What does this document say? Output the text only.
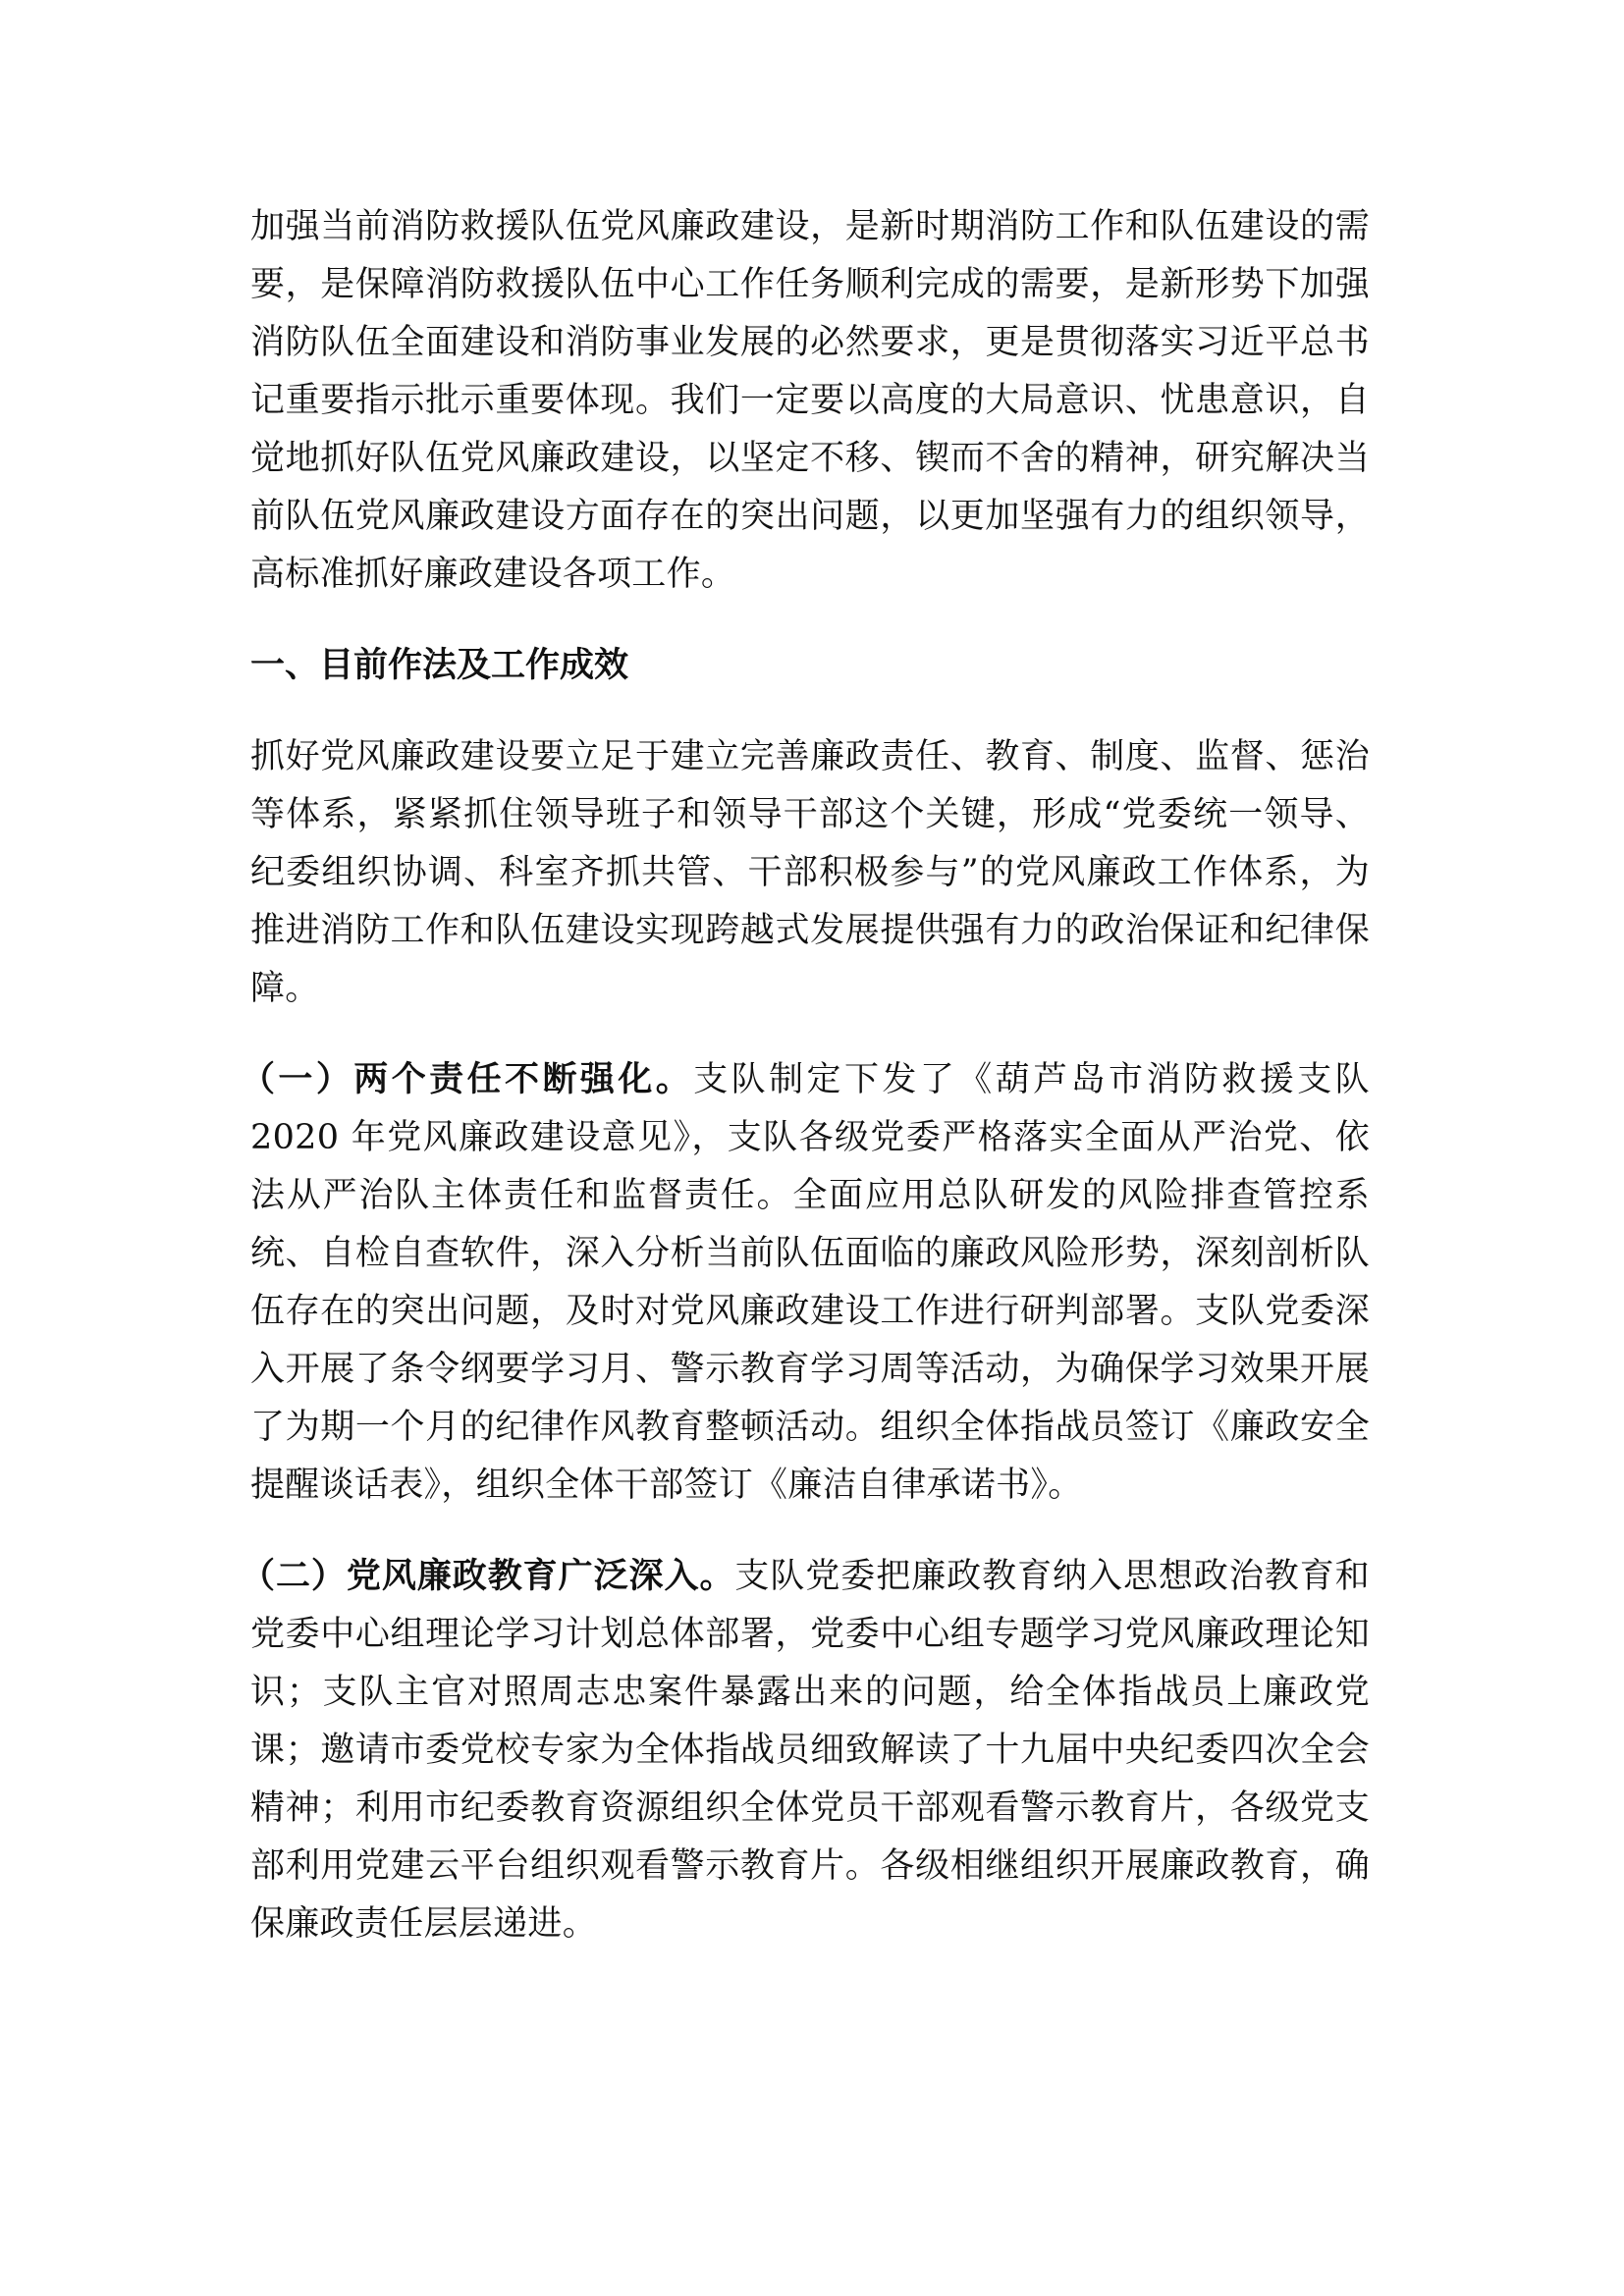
加强当前消防救援队伍党风廉政建设，是新时期消防工作和队伍建设的需要，是保障消防救援队伍中心工作任务顺利完成的需要，是新形势下加强消防队伍全面建设和消防事业发展的必然要求，更是贯彻落实习近平总书记重要指示批示重要体现。我们一定要以高度的大局意识、忧患意识，自觉地抓好队伍党风廉政建设，以坚定不移、锲而不舍的精神，研究解决当前队伍党风廉政建设方面存在的突出问题，以更加坚强有力的组织领导，高标准抓好廉政建设各项工作。

一、目前作法及工作成效

抓好党风廉政建设要立足于建立完善廉政责任、教育、制度、监督、惩治等体系，紧紧抓住领导班子和领导干部这个关键，形成“党委统一领导、纪委组织协调、科室齐抓共管、干部积极参与”的党风廉政工作体系，为推进消防工作和队伍建设实现跨越式发展提供强有力的政治保证和纪律保障。

（一）两个责任不断强化。支队制定下发了《葫芦岛市消防救援支队 2020 年党风廉政建设意见》，支队各级党委严格落实全面从严治党、依法从严治队主体责任和监督责任。全面应用总队研发的风险排查管控系统、自检自查软件，深入分析当前队伍面临的廉政风险形势，深刻剖析队伍存在的突出问题，及时对党风廉政建设工作进行研判部署。支队党委深入开展了条令纲要学习月、警示教育学习周等活动，为确保学习效果开展了为期一个月的纪律作风教育整顿活动。组织全体指战员签订《廉政安全提醒谈话表》，组织全体干部签订《廉洁自律承诺书》。

（二）党风廉政教育广泛深入。支队党委把廉政教育纳入思想政治教育和党委中心组理论学习计划总体部署，党委中心组专题学习党风廉政理论知识；支队主官对照周志忠案件暴露出来的问题，给全体指战员上廉政党课；邀请市委党校专家为全体指战员细致解读了十九届中央纪委四次全会精神；利用市纪委教育资源组织全体党员干部观看警示教育片，各级党支部利用党建云平台组织观看警示教育片。各级相继组织开展廉政教育，确保廉政责任层层递进。
